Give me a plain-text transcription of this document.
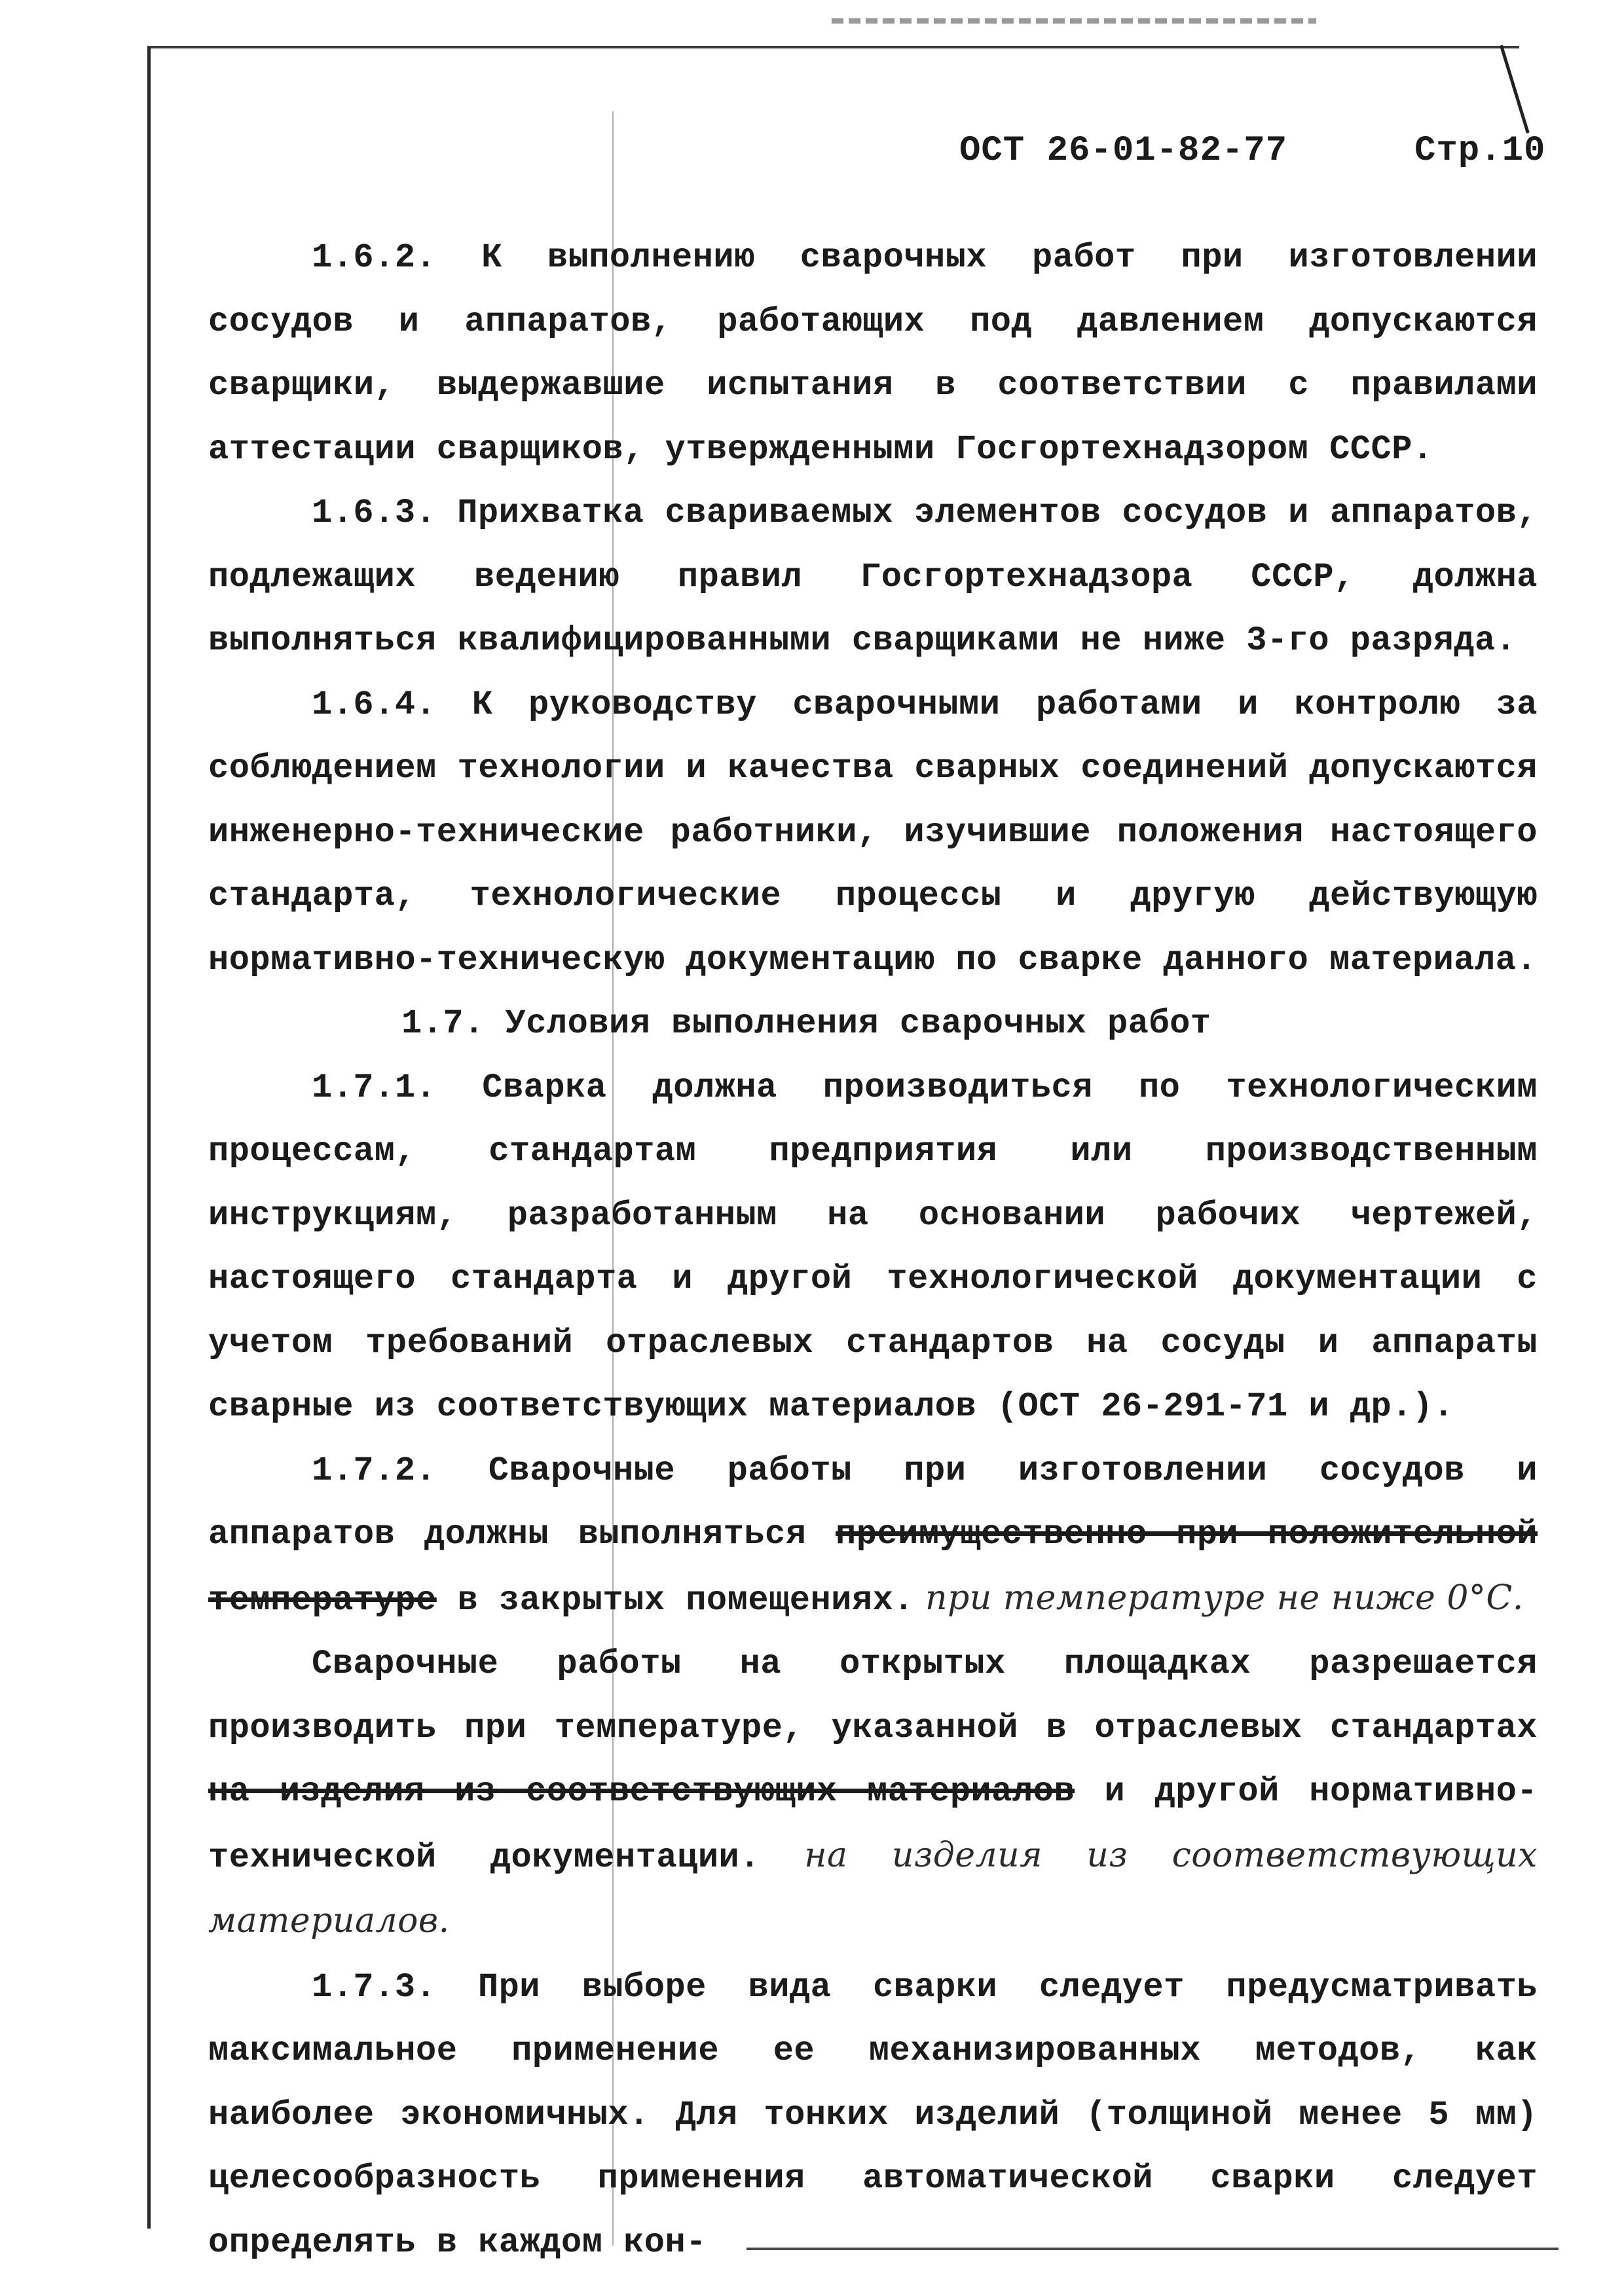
ОСТ 26-01-82-77	Стр.10

1.6.2. К выполнению сварочных работ при изготовлении сосудов и аппаратов, работающих под давлением допускаются сварщики, выдержавшие испытания в соответствии с правилами аттестации сварщиков, утвержденными Госгортехнадзором СССР.

1.6.3. Прихватка свариваемых элементов сосудов и аппаратов, подлежащих ведению правил Госгортехнадзора СССР, должна выполняться квалифицированными сварщиками не ниже 3-го разряда.

1.6.4. К руководству сварочными работами и контролю за соблюдением технологии и качества сварных соединений допускаются инженерно-технические работники, изучившие положения настоящего стандарта, технологические процессы и другую действующую нормативно-техническую документацию по сварке данного материала.

1.7. Условия выполнения сварочных работ

1.7.1. Сварка должна производиться по технологическим процессам, стандартам предприятия или производственным инструкциям, разработанным на основании рабочих чертежей, настоящего стандарта и другой технологической документации с учетом требований отраслевых стандартов на сосуды и аппараты сварные из соответствующих материалов (ОСТ 26-291-71 и др.).

1.7.2. Сварочные работы при изготовлении сосудов и аппаратов должны выполняться преимущественно при положительной температуре в закрытых помещениях. при температуре не ниже 0°С.

Сварочные работы на открытых площадках разрешается производить при температуре, указанной в отраслевых стандартах на изделия из соответствующих материалов и другой нормативно-технической документации. на изделия из соответствующих материалов.

1.7.3. При выборе вида сварки следует предусматривать максимальное применение ее механизированных методов, как наиболее экономичных. Для тонких изделий (толщиной менее 5 мм) целесообразность применения автоматической сварки следует определять в каждом кон-
